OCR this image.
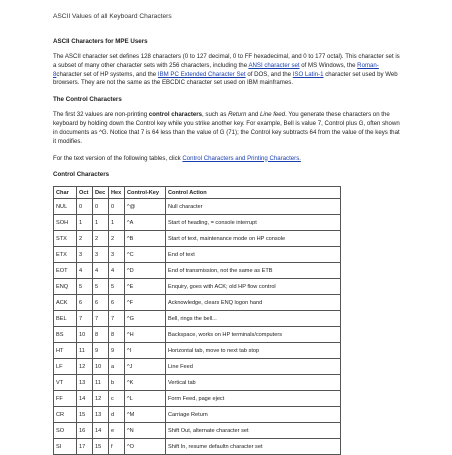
ASCII Values of all Keyboard Characters
ASCII Characters for MPE Users

The ASCII character set defines 128 characters (0 to 127 decimal, 0 to FF hexadecimal, and 0 to 177 octal). This character set is a subset of many other character sets with 256 characters, including the ANSI character set of MS Windows, the Roman-8character set of HP systems, and the IBM PC Extended Character Set of DOS, and the ISO Latin-1 character set used by Web browsers. They are not the same as the EBCDIC character set used on IBM mainframes.

The Control Characters

The first 32 values are non-printing control characters, such as Return and Line feed. You generate these characters on the keyboard by holding down the Control key while you strike another key. For example, Bell is value 7, Control plus G, often shown in documents as ^G. Notice that 7 is 64 less than the value of G (71); the Control key subtracts 64 from the value of the keys that it modifies.

For the text version of the following tables, click Control Characters and Printing Characters.

Control Characters
Char	Oct	Dec	Hex	Control-Key	Control Action
NUL	0	0	0	^@	Null character
SOH	1	1	1	^A	Start of heading, = console interrupt
STX	2	2	2	^B	Start of text, maintenance mode on HP console
ETX	3	3	3	^C	End of text
EOT	4	4	4	^D	End of transmission, not the same as ETB
ENQ	5	5	5	^E	Enquiry, goes with ACK; old HP flow control
ACK	6	6	6	^F	Acknowledge, clears ENQ logon hand
BEL	7	7	7	^G	Bell, rings the bell...
BS	10	8	8	^H	Backspace, works on HP terminals/computers
HT	11	9	9	^I	Horizontal tab, move to next tab stop
LF	12	10	a	^J	Line Feed
VT	13	11	b	^K	Vertical tab
FF	14	12	c	^L	Form Feed, page eject
CR	15	13	d	^M	Carriage Return
SO	16	14	e	^N	Shift Out, alternate character set
SI	17	15	f	^O	Shift In, resume defaultn character set
